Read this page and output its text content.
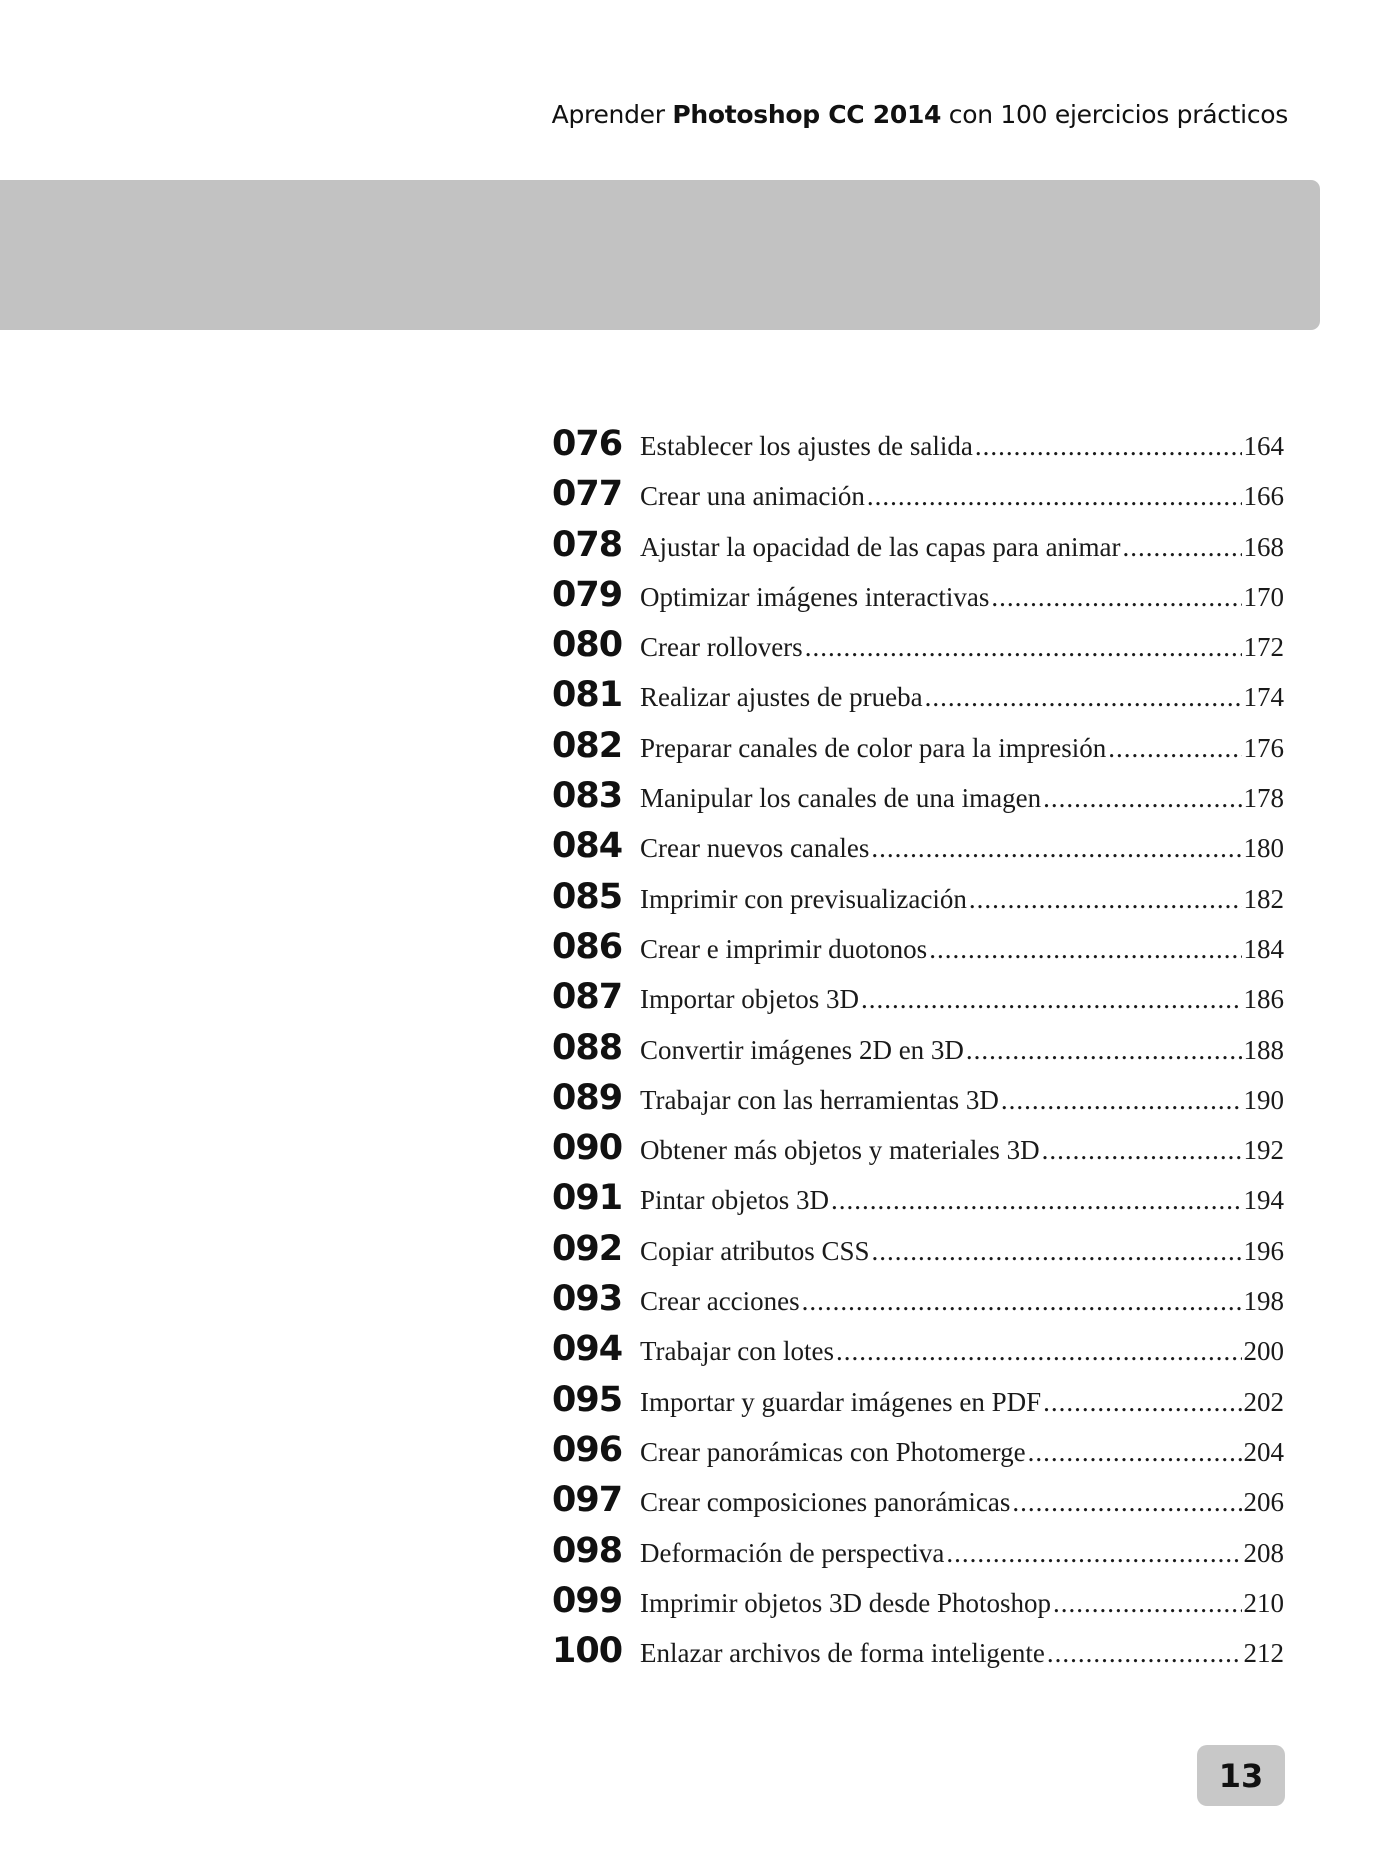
Aprender Photoshop CC 2014 con 100 ejercicios prácticos
076 Establecer los ajustes de salida .....	164
077 Crear una animación .....	166
078 Ajustar la opacidad de las capas para animar .....	168
079 Optimizar imágenes interactivas .....	170
080 Crear rollovers .....	172
081 Realizar ajustes de prueba .....	174
082 Preparar canales de color para la impresión .....	176
083 Manipular los canales de una imagen .....	178
084 Crear nuevos canales .....	180
085 Imprimir con previsualización .....	182
086 Crear e imprimir duotonos .....	184
087 Importar objetos 3D .....	186
088 Convertir imágenes 2D en 3D .....	188
089 Trabajar con las herramientas 3D .....	190
090 Obtener más objetos y materiales 3D .....	192
091 Pintar objetos 3D .....	194
092 Copiar atributos CSS .....	196
093 Crear acciones .....	198
094 Trabajar con lotes .....	200
095 Importar y guardar imágenes en PDF .....	202
096 Crear panorámicas con Photomerge .....	204
097 Crear composiciones panorámicas .....	206
098 Deformación de perspectiva .....	208
099 Imprimir objetos 3D desde Photoshop .....	210
100 Enlazar archivos de forma inteligente .....	212
13
